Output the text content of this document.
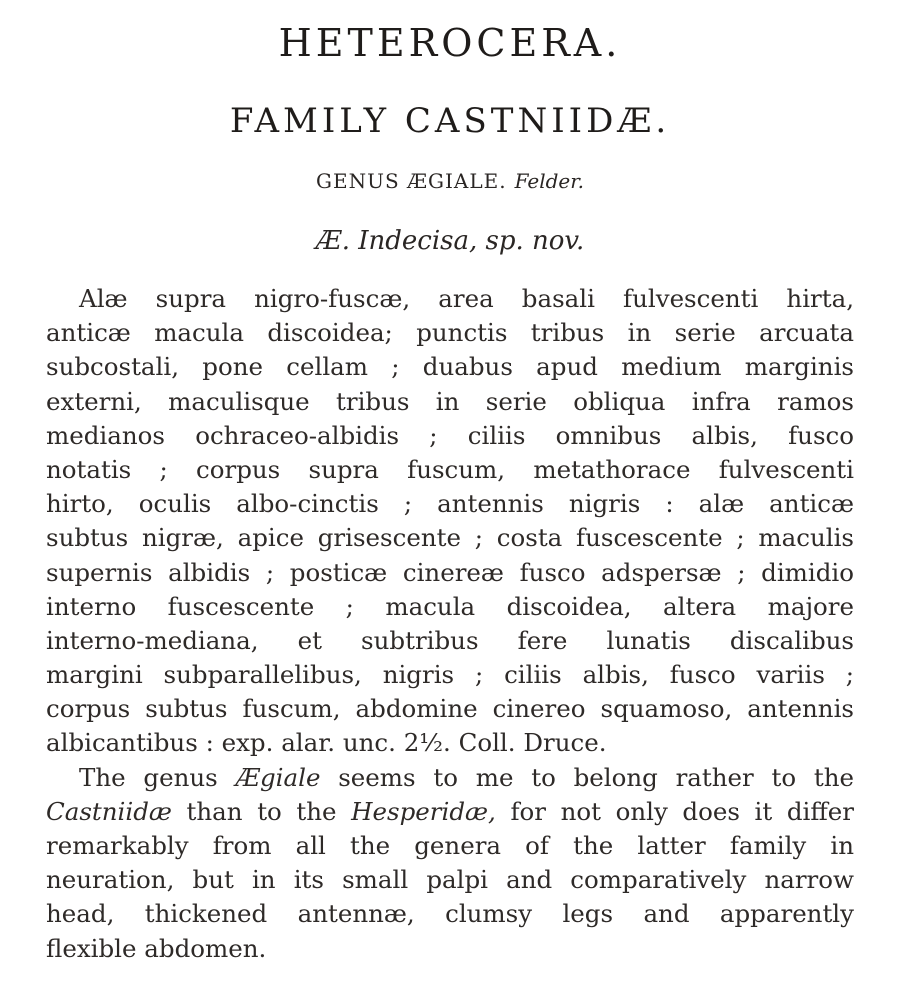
HETEROCERA.
FAMILY CASTNIIDÆ.
GENUS ÆGIALE. Felder.
Æ. Indecisa, sp. nov.
Alæ supra nigro-fuscæ, area basali fulvescenti hirta,
anticæ macula discoidea; punctis tribus in serie arcuata
subcostali, pone cellam ; duabus apud medium marginis
externi, maculisque tribus in serie obliqua infra ramos
medianos ochraceo-albidis ; ciliis omnibus albis, fusco
notatis ; corpus supra fuscum, metathorace fulvescenti
hirto, oculis albo-cinctis ; antennis nigris : alæ anticæ
subtus nigræ, apice grisescente ; costa fuscescente ; maculis
supernis albidis ; posticæ cinereæ fusco adspersæ ; dimidio
interno fuscescente ; macula discoidea, altera majore
interno-mediana, et subtribus fere lunatis discalibus
margini subparallelibus, nigris ; ciliis albis, fusco variis ;
corpus subtus fuscum, abdomine cinereo squamoso, antennis
albicantibus : exp. alar. unc. 2½. Coll. Druce.
The genus Ægiale seems to me to belong rather to the
Castniidæ than to the Hesperidæ, for not only does it differ
remarkably from all the genera of the latter family in
neuration, but in its small palpi and comparatively narrow
head, thickened antennæ, clumsy legs and apparently
flexible abdomen.
